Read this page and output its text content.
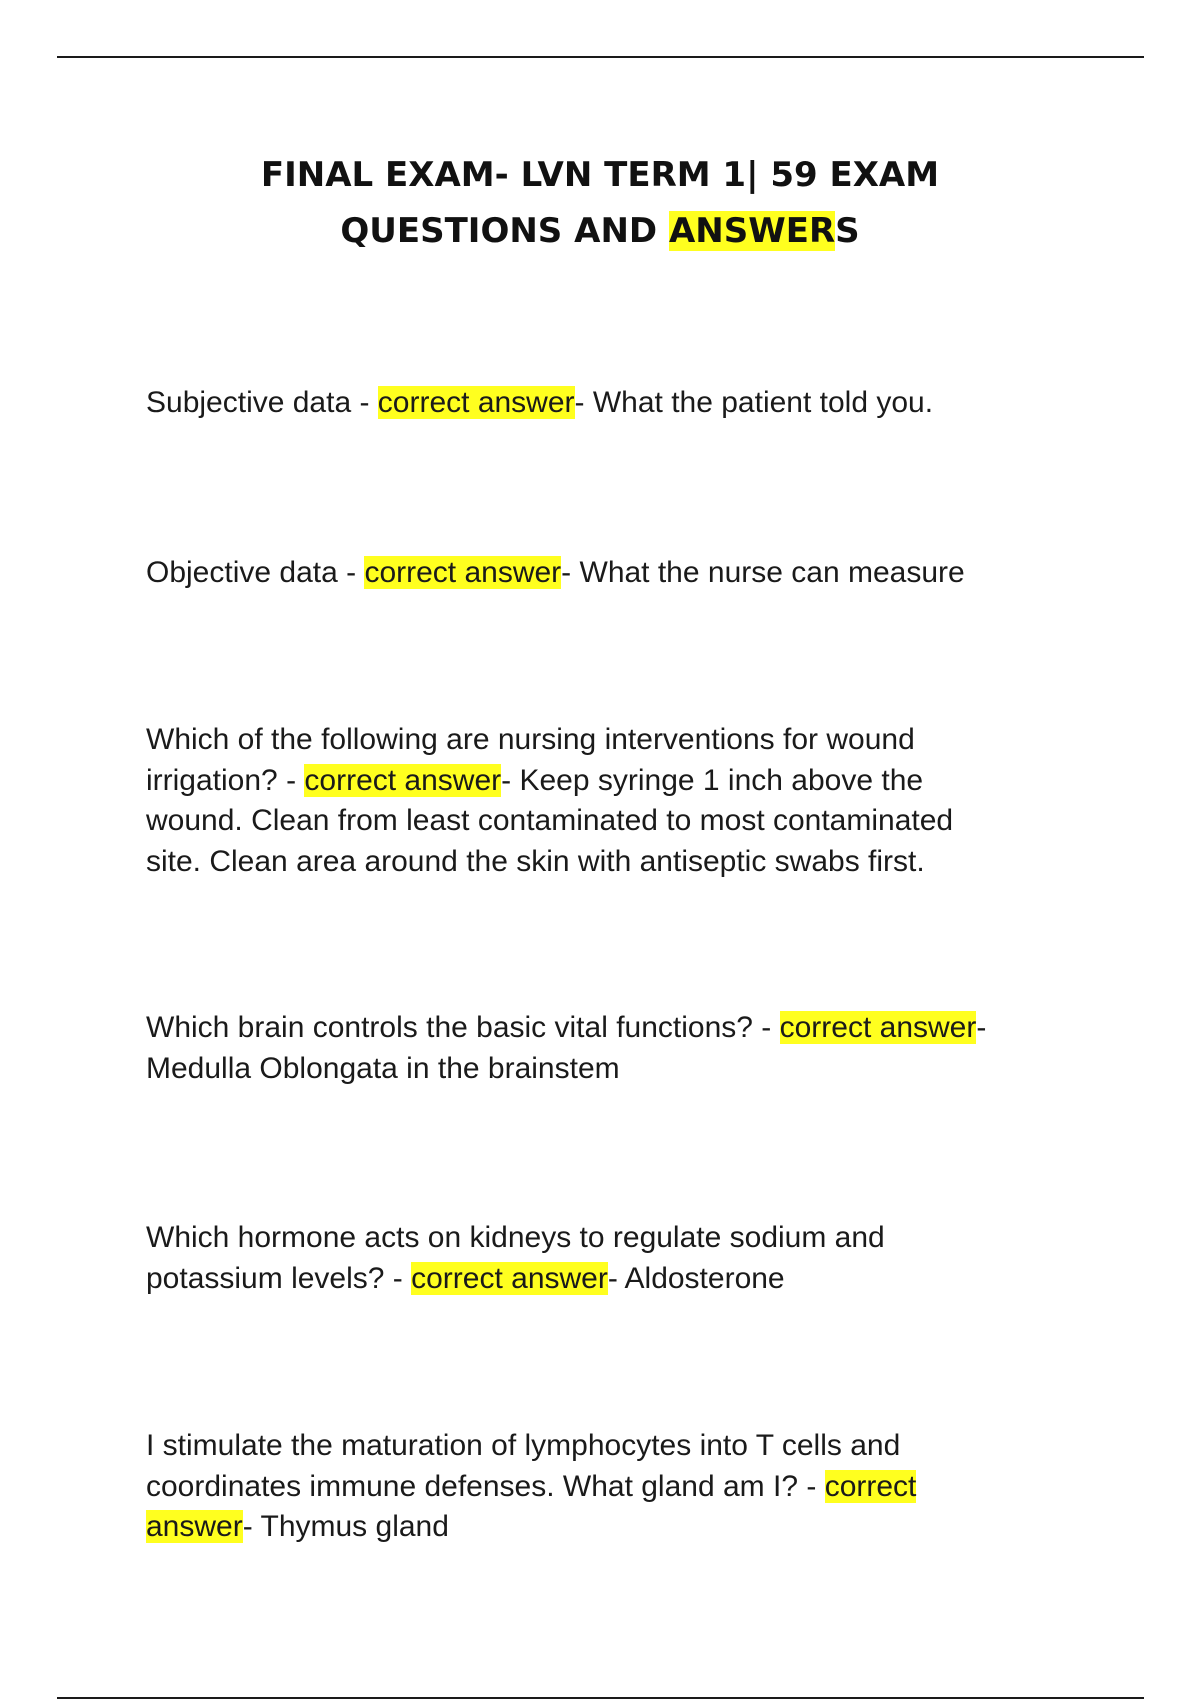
FINAL EXAM- LVN TERM 1| 59 EXAM
QUESTIONS AND ANSWERS

Subjective data - correct answer- What the patient told you.

Objective data - correct answer- What the nurse can measure

Which of the following are nursing interventions for wound
irrigation? - correct answer- Keep syringe 1 inch above the
wound. Clean from least contaminated to most contaminated
site. Clean area around the skin with antiseptic swabs first.

Which brain controls the basic vital functions? - correct answer-
Medulla Oblongata in the brainstem

Which hormone acts on kidneys to regulate sodium and
potassium levels? - correct answer- Aldosterone

I stimulate the maturation of lymphocytes into T cells and
coordinates immune defenses. What gland am I? - correct
answer- Thymus gland
